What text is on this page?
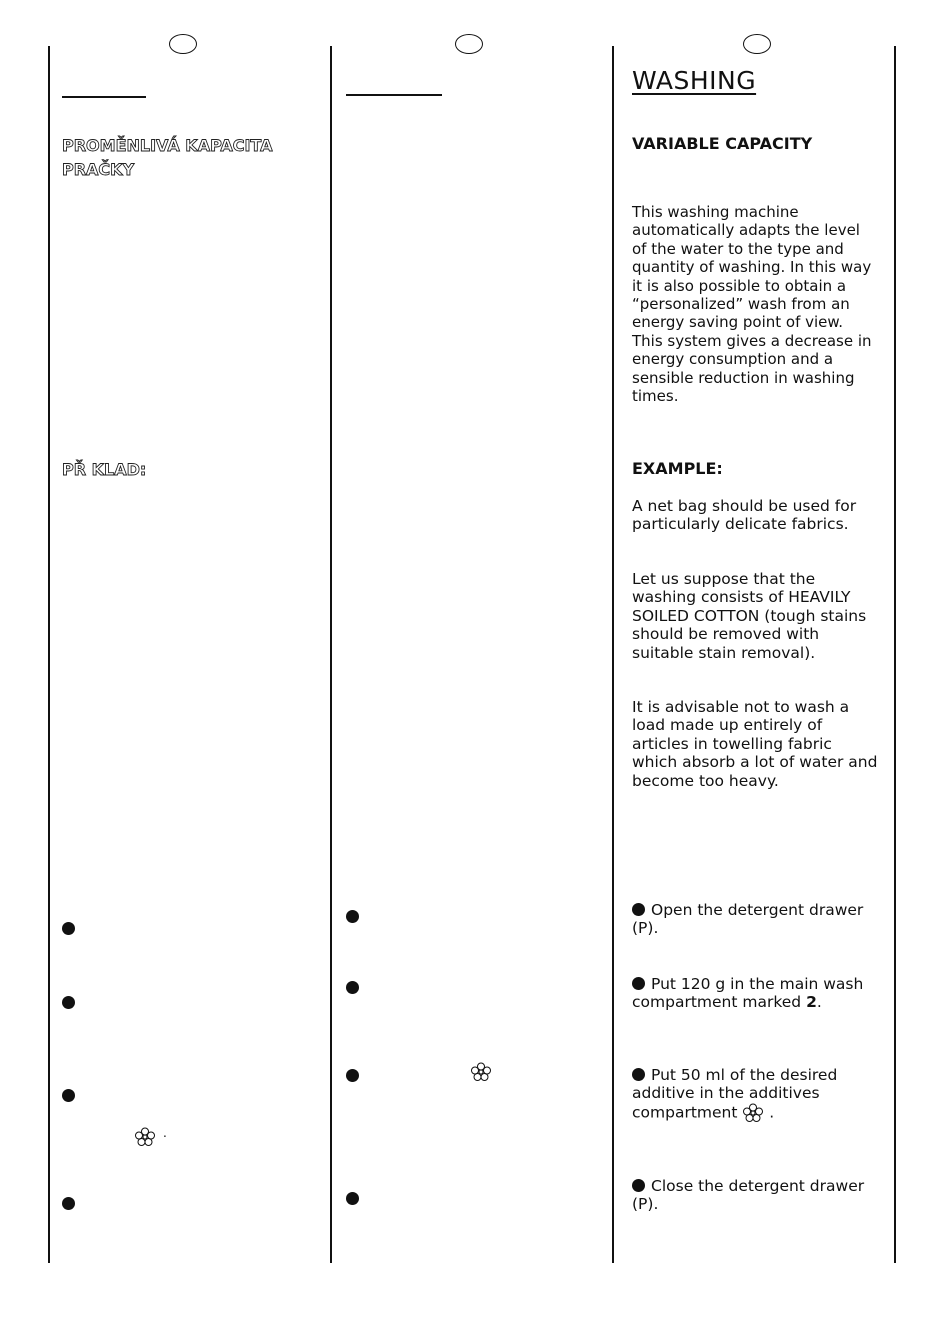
PROMĚNLIVÁ KAPACITA PRAČKY
PŘ KLAD:
.
WASHING
VARIABLE CAPACITY
This washing machine automatically adapts the level of the water to the type and quantity of washing. In this way it is also possible to obtain a “personalized” wash from an energy saving point of view. This system gives a decrease in energy consumption and a sensible reduction in washing times.
EXAMPLE:
A net bag should be used for particularly delicate fabrics.
Let us suppose that the washing consists of HEAVILY SOILED COTTON (tough stains should be removed with suitable stain removal).
It is advisable not to wash a load made up entirely of articles in towelling fabric which absorb a lot of water and become too heavy.
Open the detergent drawer (P).
Put 120 g in the main wash compartment marked 2.
Put 50 ml of the desired additive in the additives compartment  .
Close the detergent drawer (P).
